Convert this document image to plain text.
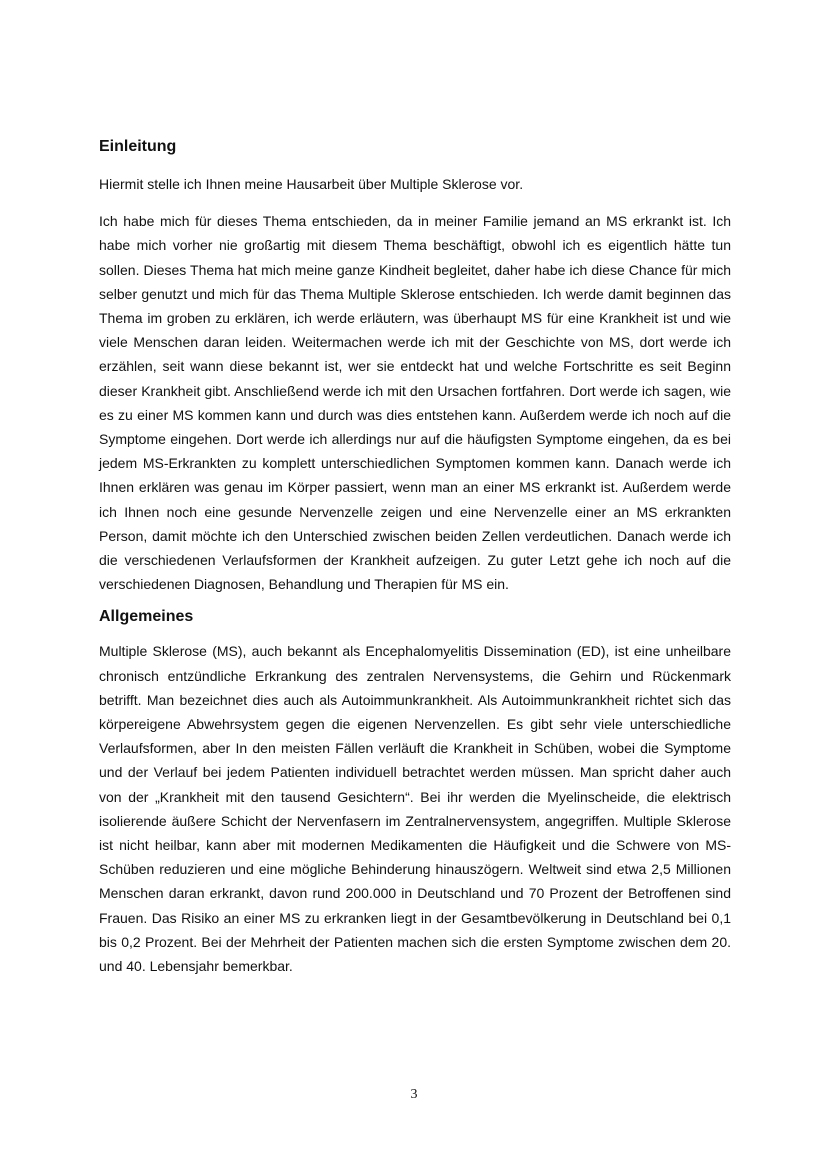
Einleitung

Hiermit stelle ich Ihnen meine Hausarbeit über Multiple Sklerose vor.

Ich habe mich für dieses Thema entschieden, da in meiner Familie jemand an MS erkrankt ist. Ich habe mich vorher nie großartig mit diesem Thema beschäftigt, obwohl ich es eigentlich hätte tun sollen. Dieses Thema hat mich meine ganze Kindheit begleitet, daher habe ich diese Chance für mich selber genutzt und mich für das Thema Multiple Sklerose entschieden. Ich werde damit beginnen das Thema im groben zu erklären, ich werde erläutern, was überhaupt MS für eine Krankheit ist und wie viele Menschen daran leiden. Weitermachen werde ich mit der Geschichte von MS, dort werde ich erzählen, seit wann diese bekannt ist, wer sie entdeckt hat und welche Fortschritte es seit Beginn dieser Krankheit gibt. Anschließend werde ich mit den Ursachen fortfahren. Dort werde ich sagen, wie es zu einer MS kommen kann und durch was dies entstehen kann. Außerdem werde ich noch auf die Symptome eingehen. Dort werde ich allerdings nur auf die häufigsten Symptome eingehen, da es bei jedem MS-Erkrankten zu komplett unterschiedlichen Symptomen kommen kann. Danach werde ich Ihnen erklären was genau im Körper passiert, wenn man an einer MS erkrankt ist. Außerdem werde ich Ihnen noch eine gesunde Nervenzelle zeigen und eine Nervenzelle einer an MS erkrankten Person, damit möchte ich den Unterschied zwischen beiden Zellen verdeutlichen. Danach werde ich die verschiedenen Verlaufsformen der Krankheit aufzeigen. Zu guter Letzt gehe ich noch auf die verschiedenen Diagnosen, Behandlung und Therapien für MS ein.

Allgemeines

Multiple Sklerose (MS), auch bekannt als Encephalomyelitis Dissemination (ED), ist eine unheilbare chronisch entzündliche Erkrankung des zentralen Nervensystems, die Gehirn und Rückenmark betrifft. Man bezeichnet dies auch als Autoimmunkrankheit. Als Autoimmunkrankheit richtet sich das körpereigene Abwehrsystem gegen die eigenen Nervenzellen. Es gibt sehr viele unterschiedliche Verlaufsformen, aber In den meisten Fällen verläuft die Krankheit in Schüben, wobei die Symptome und der Verlauf bei jedem Patienten individuell betrachtet werden müssen. Man spricht daher auch von der „Krankheit mit den tausend Gesichtern“. Bei ihr werden die Myelinscheide, die elektrisch isolierende äußere Schicht der Nervenfasern im Zentralnervensystem, angegriffen. Multiple Sklerose ist nicht heilbar, kann aber mit modernen Medikamenten die Häufigkeit und die Schwere von MS-Schüben reduzieren und eine mögliche Behinderung hinauszögern. Weltweit sind etwa 2,5 Millionen Menschen daran erkrankt, davon rund 200.000 in Deutschland und 70 Prozent der Betroffenen sind Frauen. Das Risiko an einer MS zu erkranken liegt in der Gesamtbevölkerung in Deutschland bei 0,1 bis 0,2 Prozent. Bei der Mehrheit der Patienten machen sich die ersten Symptome zwischen dem 20. und 40. Lebensjahr bemerkbar.

3
